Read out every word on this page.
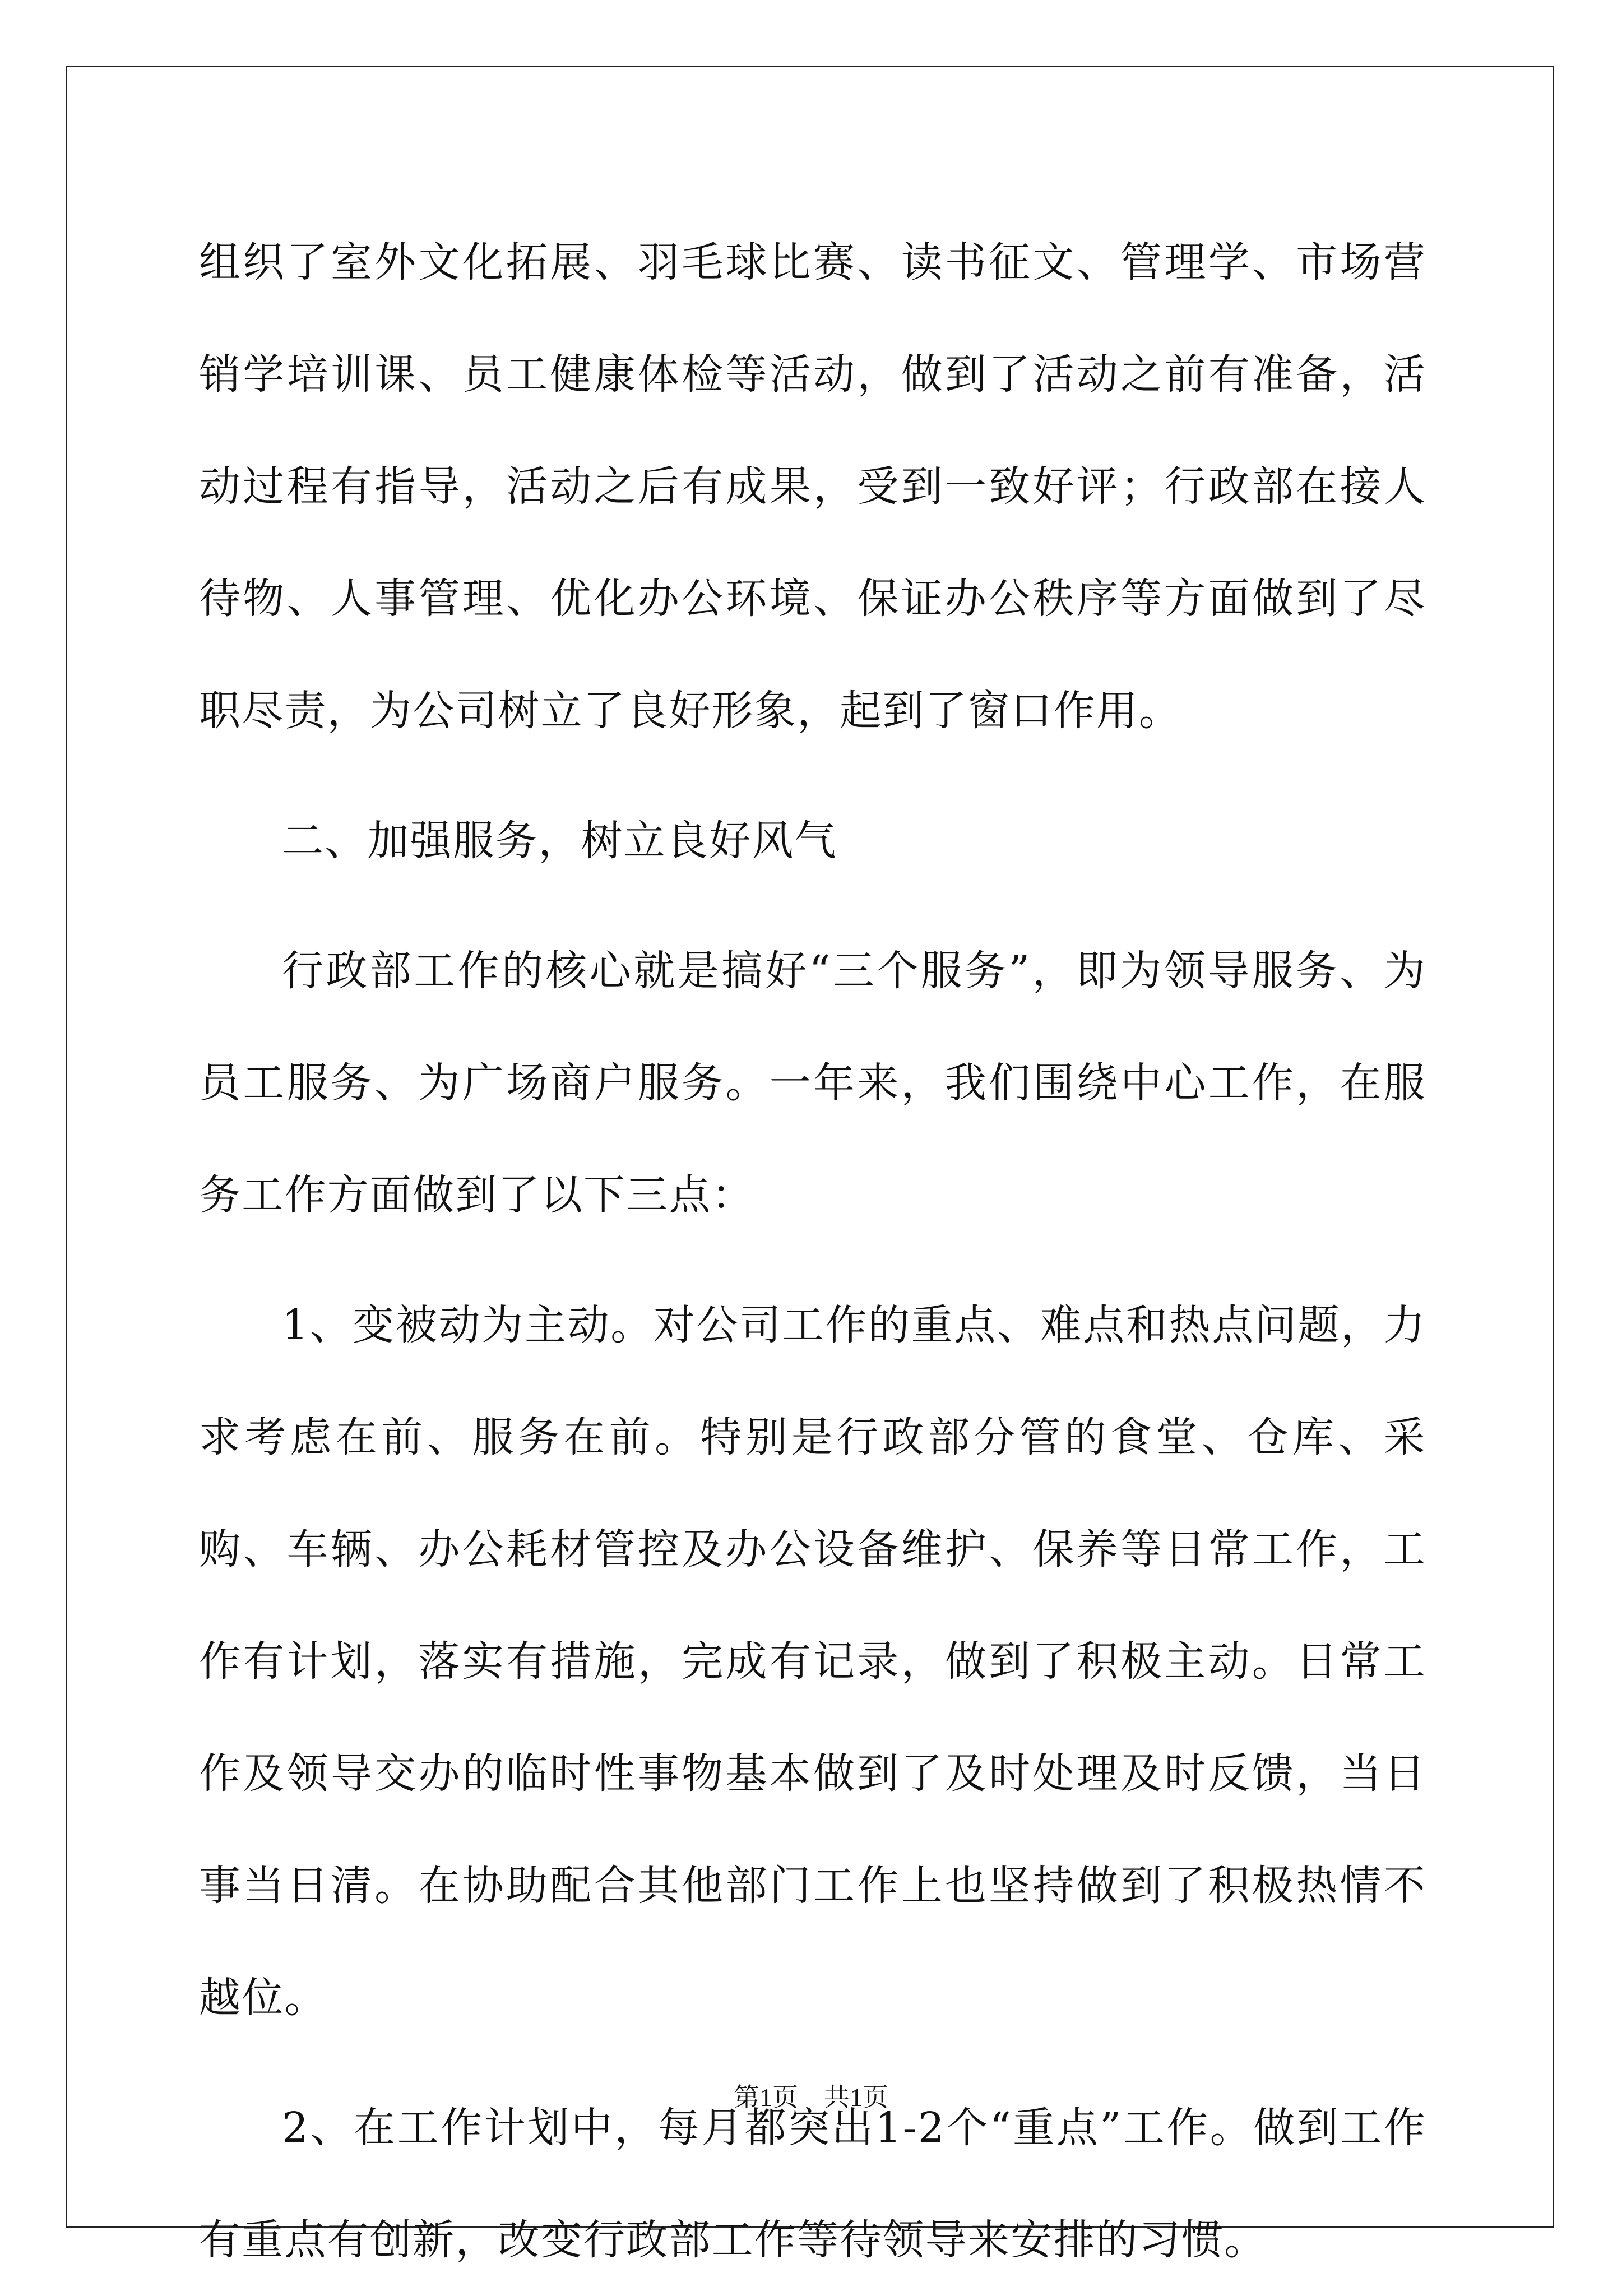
组织了室外文化拓展、羽毛球比赛、读书征文、管理学、市场营销学培训课、员工健康体检等活动，做到了活动之前有准备，活动过程有指导，活动之后有成果，受到一致好评；行政部在接人待物、人事管理、优化办公环境、保证办公秩序等方面做到了尽职尽责，为公司树立了良好形象，起到了窗口作用。

二、加强服务，树立良好风气

行政部工作的核心就是搞好“三个服务”，即为领导服务、为员工服务、为广场商户服务。一年来，我们围绕中心工作，在服务工作方面做到了以下三点：

1、变被动为主动。对公司工作的重点、难点和热点问题，力求考虑在前、服务在前。特别是行政部分管的食堂、仓库、采购、车辆、办公耗材管控及办公设备维护、保养等日常工作，工作有计划，落实有措施，完成有记录，做到了积极主动。日常工作及领导交办的临时性事物基本做到了及时处理及时反馈，当日事当日清。在协助配合其他部门工作上也坚持做到了积极热情不越位。

2、在工作计划中，每月都突出1-2个“重点”工作。做到工作有重点有创新，改变行政部工作等待领导来安排的习惯。

第1页　共1页
